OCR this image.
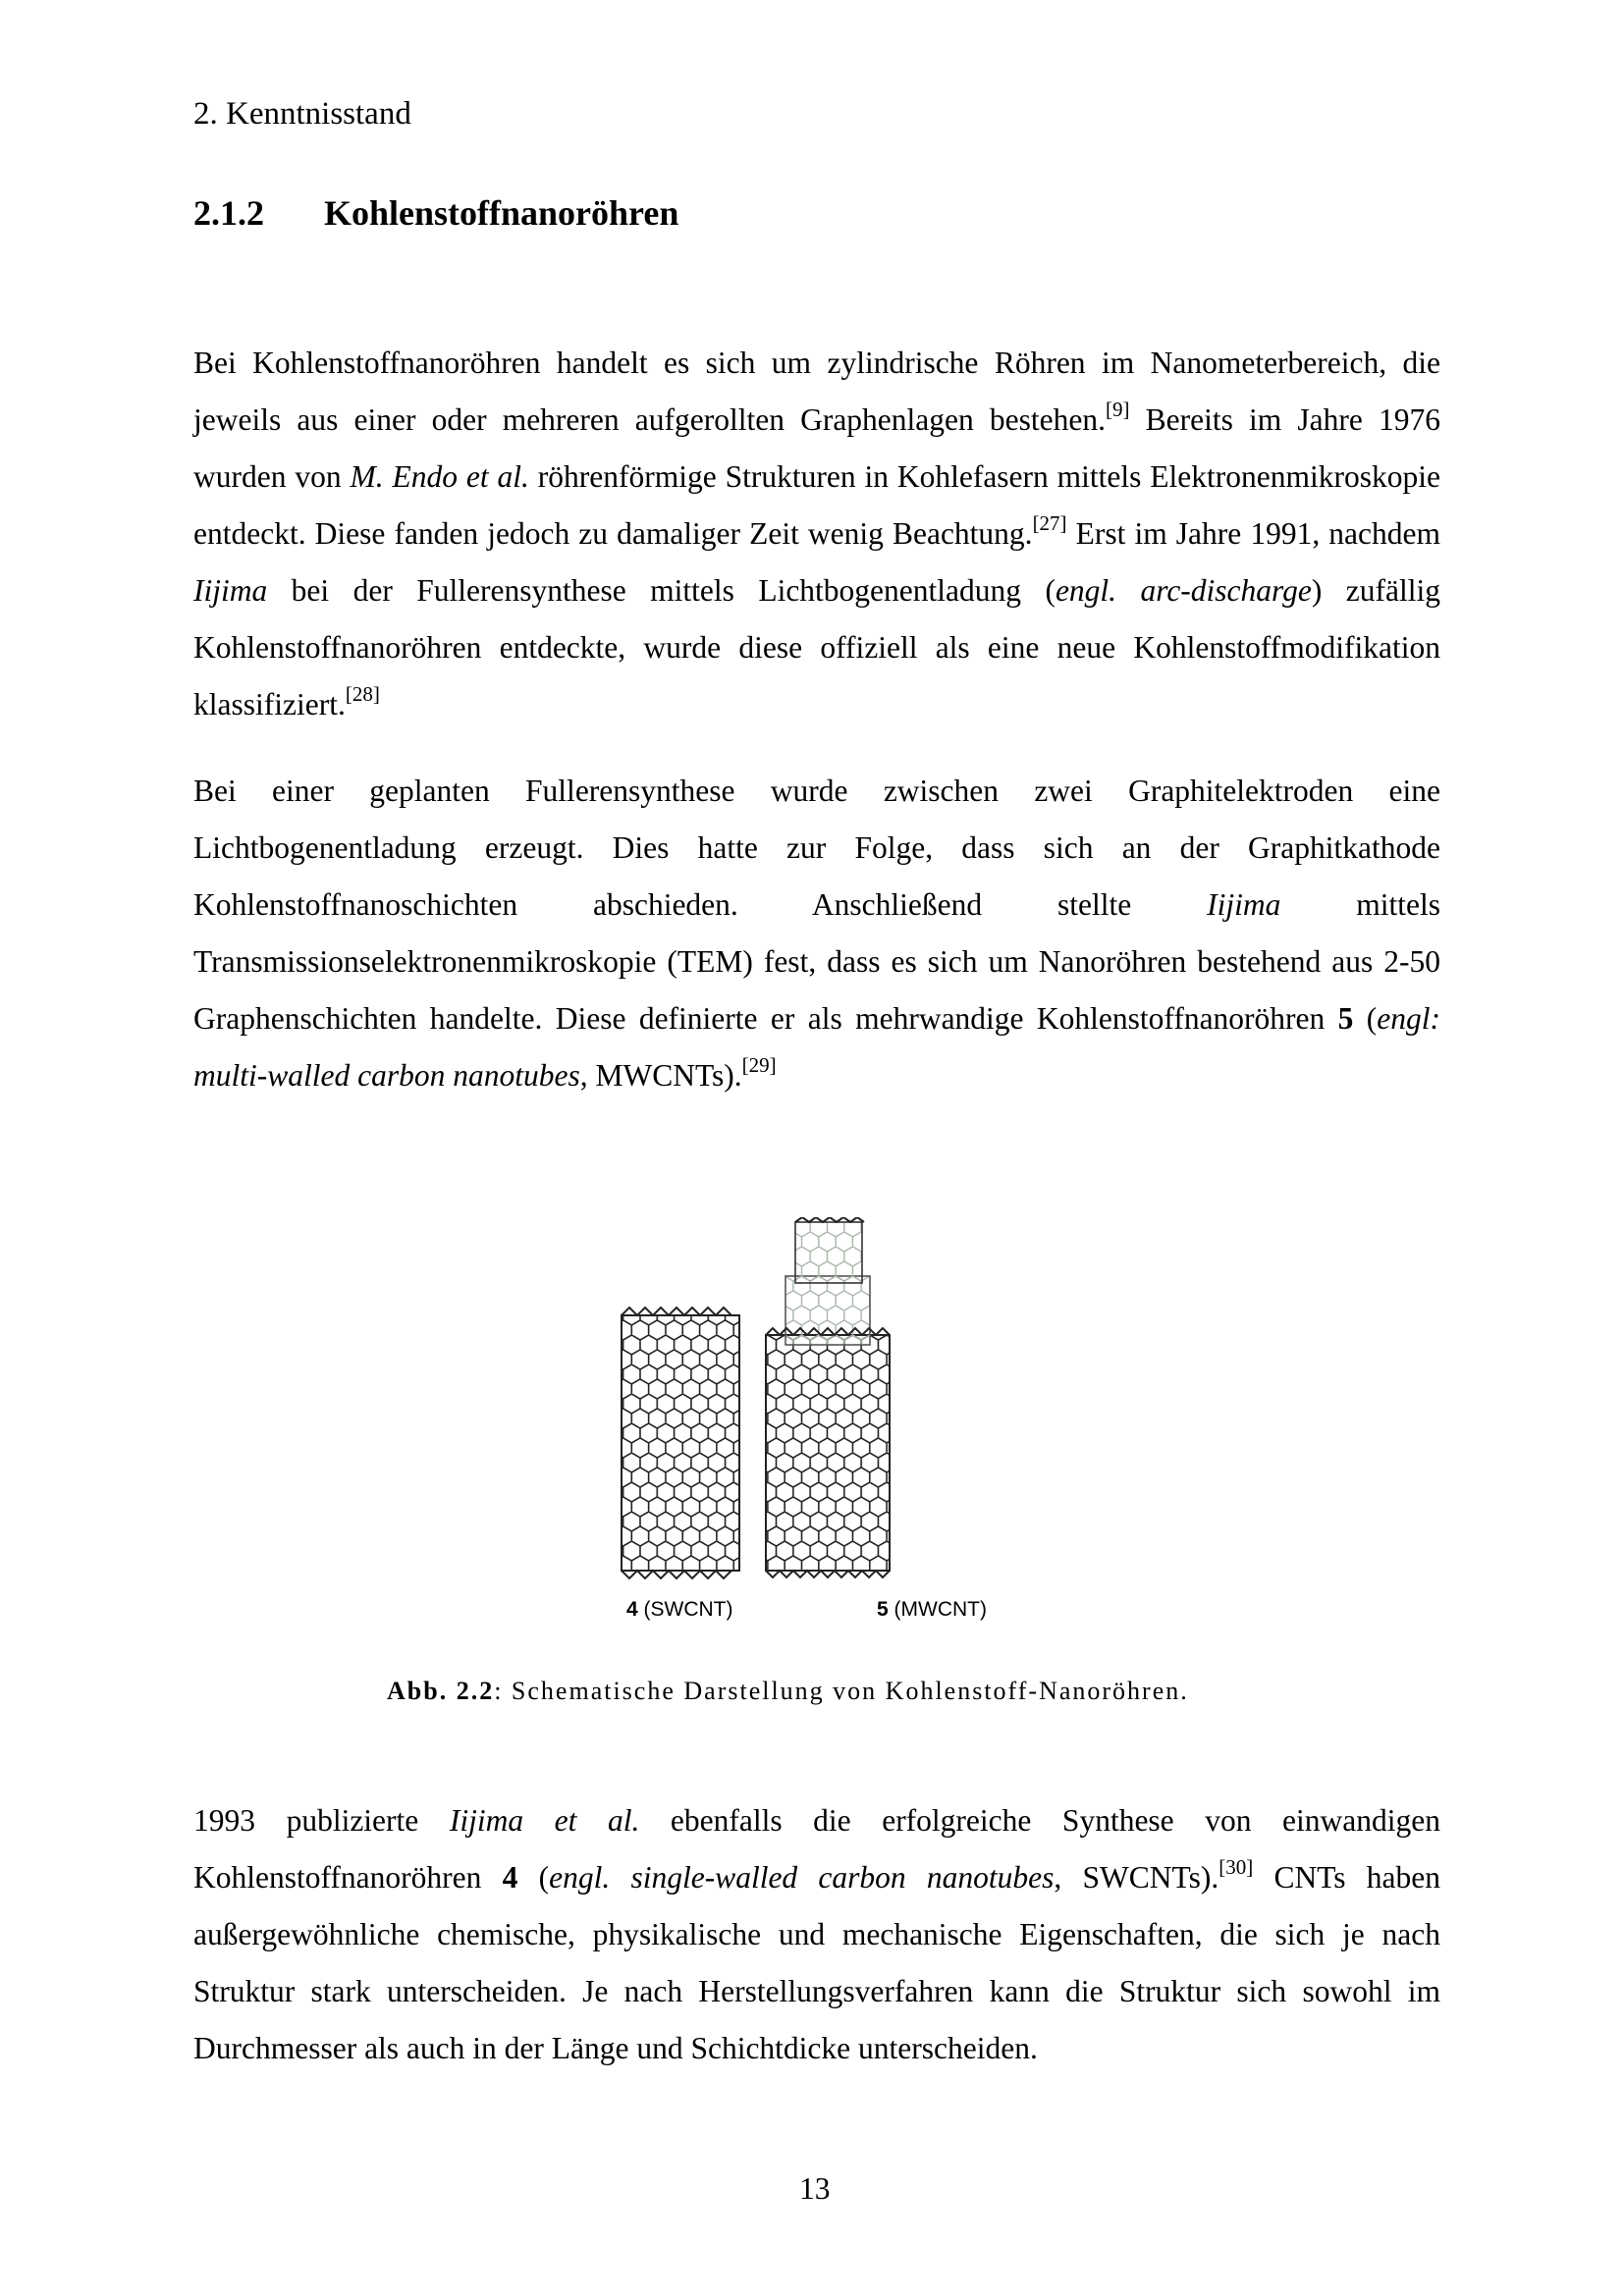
2. Kenntnisstand
2.1.2 Kohlenstoffnanoröhren

Bei Kohlenstoffnanoröhren handelt es sich um zylindrische Röhren im Nanometerbereich, die jeweils aus einer oder mehreren aufgerollten Graphenlagen bestehen.[9] Bereits im Jahre 1976 wurden von M. Endo et al. röhrenförmige Strukturen in Kohlefasern mittels Elektronenmikroskopie entdeckt. Diese fanden jedoch zu damaliger Zeit wenig Beachtung.[27] Erst im Jahre 1991, nachdem Iijima bei der Fullerensynthese mittels Lichtbogenentladung (engl. arc-discharge) zufällig Kohlenstoffnanoröhren entdeckte, wurde diese offiziell als eine neue Kohlenstoffmodifikation klassifiziert.[28]

Bei einer geplanten Fullerensynthese wurde zwischen zwei Graphitelektroden eine Lichtbogenentladung erzeugt. Dies hatte zur Folge, dass sich an der Graphitkathode Kohlenstoffnanoschichten abschieden. Anschließend stellte Iijima mittels Transmissionselektronenmikroskopie (TEM) fest, dass es sich um Nanoröhren bestehend aus 2-50 Graphenschichten handelte. Diese definierte er als mehrwandige Kohlenstoffnanoröhren 5 (engl: multi-walled carbon nanotubes, MWCNTs).[29]

4 (SWCNT)	5 (MWCNT)
Abb. 2.2: Schematische Darstellung von Kohlenstoff-Nanoröhren.

1993 publizierte Iijima et al. ebenfalls die erfolgreiche Synthese von einwandigen Kohlenstoffnanoröhren 4 (engl. single-walled carbon nanotubes, SWCNTs).[30] CNTs haben außergewöhnliche chemische, physikalische und mechanische Eigenschaften, die sich je nach Struktur stark unterscheiden. Je nach Herstellungsverfahren kann die Struktur sich sowohl im Durchmesser als auch in der Länge und Schichtdicke unterscheiden.

13
